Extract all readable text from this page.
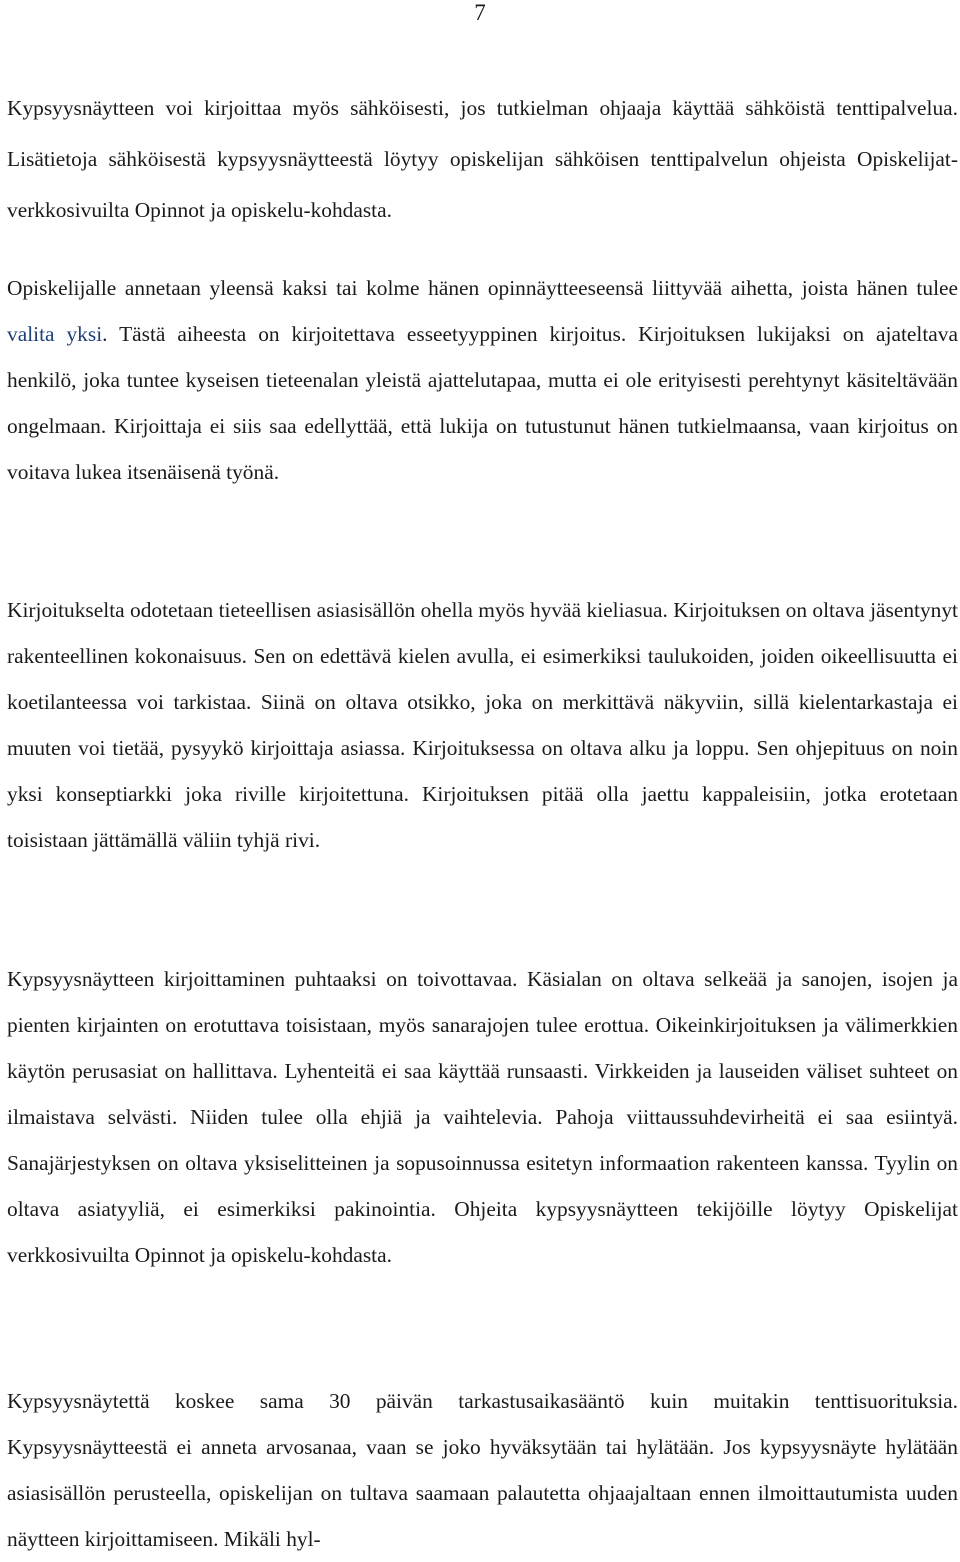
7

Kypsyysnäytteen voi kirjoittaa myös sähköisesti, jos tutkielman ohjaaja käyttää sähköistä tenttipalvelua. Lisätietoja sähköisestä kypsyysnäytteestä löytyy opiskelijan sähköisen tenttipalvelun ohjeista Opiskelijat-verkkosivuilta Opinnot ja opiskelu-kohdasta.

Opiskelijalle annetaan yleensä kaksi tai kolme hänen opinnäytteeseensä liittyvää aihetta, joista hänen tulee valita yksi. Tästä aiheesta on kirjoitettava esseetyyppinen kirjoitus. Kirjoituksen lukijaksi on ajateltava henkilö, joka tuntee kyseisen tieteenalan yleistä ajattelutapaa, mutta ei ole erityisesti perehtynyt käsiteltävään ongelmaan. Kirjoittaja ei siis saa edellyttää, että lukija on tutustunut hänen tutkielmaansa, vaan kirjoitus on voitava lukea itsenäisenä työnä.

Kirjoitukselta odotetaan tieteellisen asiasisällön ohella myös hyvää kieliasua. Kirjoituksen on oltava jäsentynyt rakenteellinen kokonaisuus. Sen on edettävä kielen avulla, ei esimerkiksi taulukoiden, joiden oikeellisuutta ei koetilanteessa voi tarkistaa. Siinä on oltava otsikko, joka on merkittävä näkyviin, sillä kielentarkastaja ei muuten voi tietää, pysyykö kirjoittaja asiassa. Kirjoituksessa on oltava alku ja loppu. Sen ohjepituus on noin yksi konseptiarkki joka riville kirjoitettuna. Kirjoituksen pitää olla jaettu kappaleisiin, jotka erotetaan toisistaan jättämällä väliin tyhjä rivi.

Kypsyysnäytteen kirjoittaminen puhtaaksi on toivottavaa. Käsialan on oltava selkeää ja sanojen, isojen ja pienten kirjainten on erotuttava toisistaan, myös sanarajojen tulee erottua. Oikeinkirjoituksen ja välimerkkien käytön perusasiat on hallittava. Lyhenteitä ei saa käyttää runsaasti. Virkkeiden ja lauseiden väliset suhteet on ilmaistava selvästi. Niiden tulee olla ehjiä ja vaihtelevia. Pahoja viittaussuhdevirheitä ei saa esiintyä. Sanajärjestyksen on oltava yksiselitteinen ja sopusoinnussa esitetyn informaation rakenteen kanssa. Tyylin on oltava asiatyyliä, ei esimerkiksi pakinointia. Ohjeita kypsyysnäytteen tekijöille löytyy Opiskelijat verkkosivuilta Opinnot ja opiskelu-kohdasta.

Kypsyysnäytettä koskee sama 30 päivän tarkastusaikasääntö kuin muitakin tenttisuorituksia. Kypsyysnäytteestä ei anneta arvosanaa, vaan se joko hyväksytään tai hylätään. Jos kypsyysnäyte hylätään asiasisällön perusteella, opiskelijan on tultava saamaan palautetta ohjaajaltaan ennen ilmoittautumista uuden näytteen kirjoittamiseen. Mikäli hyl-
